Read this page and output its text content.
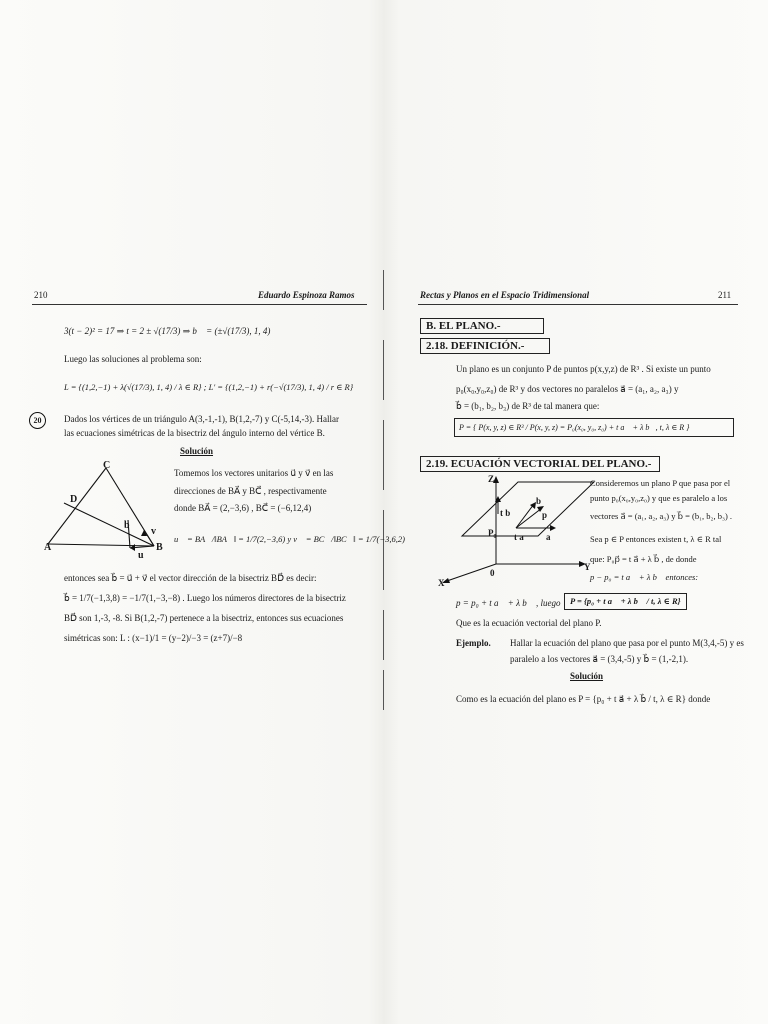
210	Eduardo Espinoza Ramos
3(t − 2)² = 17 ⇒ t = 2 ± √(17/3) ⇒ b⃗ = (±√(17/3), 1, 4)
Luego las soluciones al problema son:
L = {(1,2,−1) + λ(√(17/3), 1, 4) / λ ∈ R} ; L' = {(1,2,−1) + r(−√(17/3), 1, 4) / r ∈ R}
20	Dados los vértices de un triángulo A(3,-1,-1), B(1,2,-7) y C(-5,14,-3). Hallar
las ecuaciones simétricas de la bisectriz del ángulo interno del vértice B.
Solución
C
D
A	B
u
v
b
Tomemos los vectores unitarios u⃗ y v⃗ en las
direcciones de BA⃗ y BC⃗ , respectivamente
donde BA⃗ = (2,−3,6) , BC⃗ = (−6,12,4)
u⃗ = BA⃗/‖BA⃗‖ = 1/7(2,−3,6) y v⃗ = BC⃗/‖BC⃗‖ = 1/7(−3,6,2)
entonces sea b⃗ = u⃗ + v⃗ el vector dirección de la bisectriz BD⃗ es decir:
b⃗ = 1/7(−1,3,8) = −1/7(1,−3,−8) . Luego los números directores de la bisectriz
BD⃗ son 1,-3, -8. Si B(1,2,-7) pertenece a la bisectriz, entonces sus ecuaciones
simétricas son: L : (x−1)/1 = (y−2)/−3 = (z+7)/−8
Rectas y Planos en el Espacio Tridimensional	211
B. EL PLANO.-
2.18. DEFINICIÓN.-
Un plano es un conjunto P de puntos p(x,y,z) de R³ . Si existe un punto
p₀(x₀,y₀,z₀) de R³ y dos vectores no paralelos a⃗ = (a₁, a₂, a₃) y
b⃗ = (b₁, b₂, b₃) de R³ de tal manera que:
P = { P(x, y, z) ∈ R³ / P(x, y, z) = P₀(x₀, y₀, z₀) + t a⃗ + λ b⃗, t, λ ∈ R }
2.19. ECUACIÓN VECTORIAL DEL PLANO.-
Z
Y
X
0
P₀ t a a
t b
b
p
Consideremos un plano P que pasa por el
punto p₀(x₀,y₀,z₀) y que es paralelo a los
vectores a⃗ = (a₁, a₂, a₃) y b⃗ = (b₁, b₂, b₃) .
Sea p ∈ P entonces existen t, λ ∈ R tal
que: P₀p⃗ = t a⃗ + λ b⃗ , de donde
p − p₀ = t a⃗ + λ b⃗ entonces:
p = p₀ + t a⃗ + λ b⃗ , luego	P = {p₀ + t a⃗ + λ b⃗ / t, λ ∈ R}
Que es la ecuación vectorial del plano P.
Ejemplo. Hallar la ecuación del plano que pasa por el punto M(3,4,-5) y es
paralelo a los vectores a⃗ = (3,4,-5) y b⃗ = (1,-2,1).
Solución
Como es la ecuación del plano es P = {p₀ + t a⃗ + λ b⃗ / t, λ ∈ R} donde
